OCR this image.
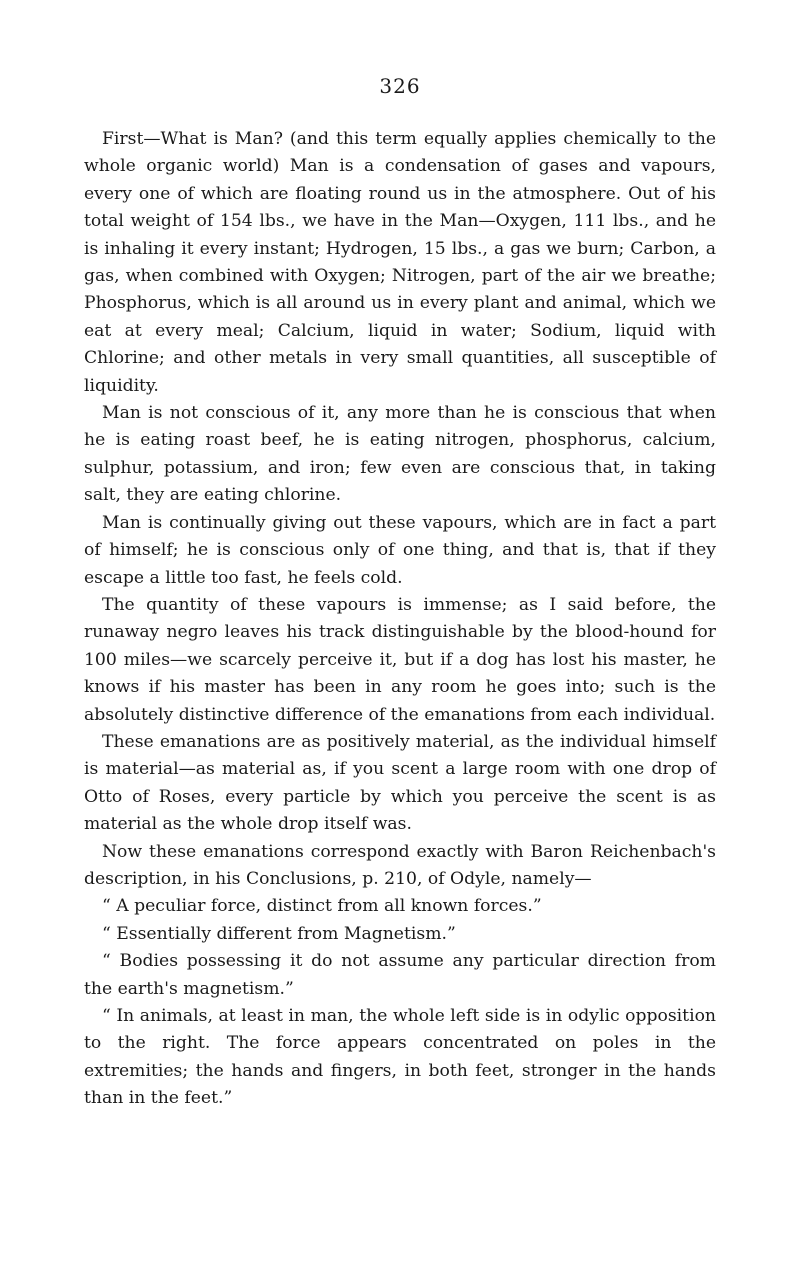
326

First—What is Man? (and this term equally applies chemically to the whole organic world) Man is a condensation of gases and vapours, every one of which are floating round us in the atmosphere. Out of his total weight of 154 lbs., we have in the Man—Oxygen, 111 lbs., and he is inhaling it every instant; Hydrogen, 15 lbs., a gas we burn; Carbon, a gas, when combined with Oxygen; Nitrogen, part of the air we breathe; Phosphorus, which is all around us in every plant and animal, which we eat at every meal; Calcium, liquid in water; Sodium, liquid with Chlorine; and other metals in very small quantities, all susceptible of liquidity.

Man is not conscious of it, any more than he is conscious that when he is eating roast beef, he is eating nitrogen, phosphorus, calcium, sulphur, potassium, and iron; few even are conscious that, in taking salt, they are eating chlorine.

Man is continually giving out these vapours, which are in fact a part of himself; he is conscious only of one thing, and that is, that if they escape a little too fast, he feels cold.

The quantity of these vapours is immense; as I said before, the runaway negro leaves his track distinguishable by the blood-hound for 100 miles—we scarcely perceive it, but if a dog has lost his master, he knows if his master has been in any room he goes into; such is the absolutely distinctive difference of the emanations from each individual.

These emanations are as positively material, as the individual himself is material—as material as, if you scent a large room with one drop of Otto of Roses, every particle by which you perceive the scent is as material as the whole drop itself was.

Now these emanations correspond exactly with Baron Reichenbach's description, in his Conclusions, p. 210, of Odyle, namely—

“ A peculiar force, distinct from all known forces.”

“ Essentially different from Magnetism.”

“ Bodies possessing it do not assume any particular direction from the earth's magnetism.”

“ In animals, at least in man, the whole left side is in odylic opposition to the right. The force appears concentrated on poles in the extremities; the hands and fingers, in both feet, stronger in the hands than in the feet.”
